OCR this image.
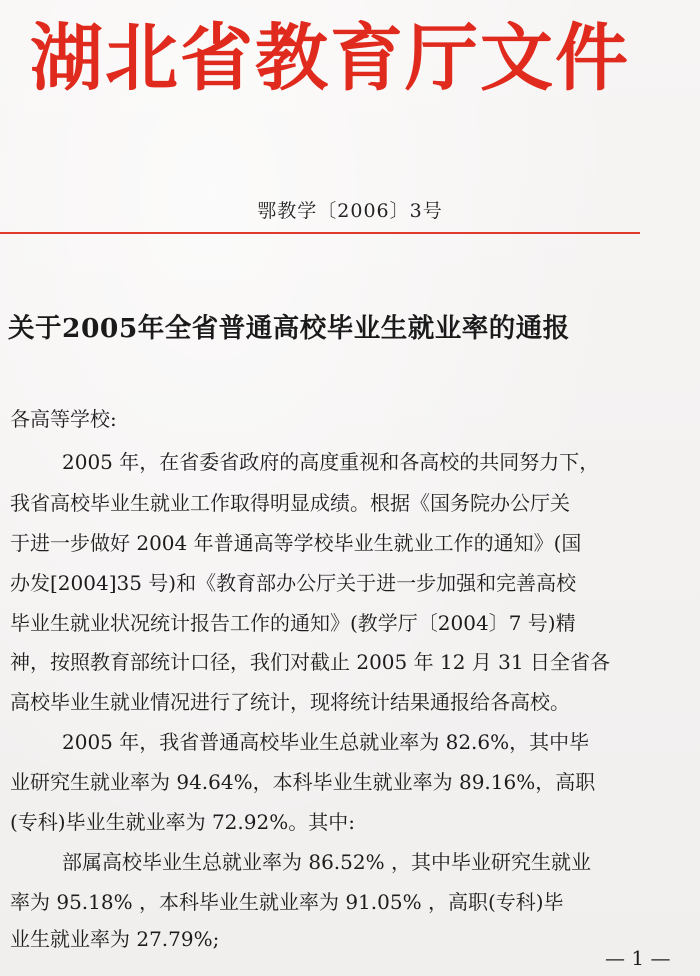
湖北省教育厅文件
鄂教学〔2006〕3号
关于2005年全省普通高校毕业生就业率的通报
各高等学校:
2005 年，在省委省政府的高度重视和各高校的共同努力下，
我省高校毕业生就业工作取得明显成绩。根据《国务院办公厅关
于进一步做好 2004 年普通高等学校毕业生就业工作的通知》(国
办发[2004]35 号)和《教育部办公厅关于进一步加强和完善高校
毕业生就业状况统计报告工作的通知》(教学厅〔2004〕7 号)精
神，按照教育部统计口径，我们对截止 2005 年 12 月 31 日全省各
高校毕业生就业情况进行了统计，现将统计结果通报给各高校。
2005 年，我省普通高校毕业生总就业率为 82.6%，其中毕
业研究生就业率为 94.64%，本科毕业生就业率为 89.16%，高职
(专科)毕业生就业率为 72.92%。其中:
部属高校毕业生总就业率为 86.52% ，其中毕业研究生就业
率为 95.18% ，本科毕业生就业率为 91.05% ，高职(专科)毕
业生就业率为 27.79%;
— 1 —
